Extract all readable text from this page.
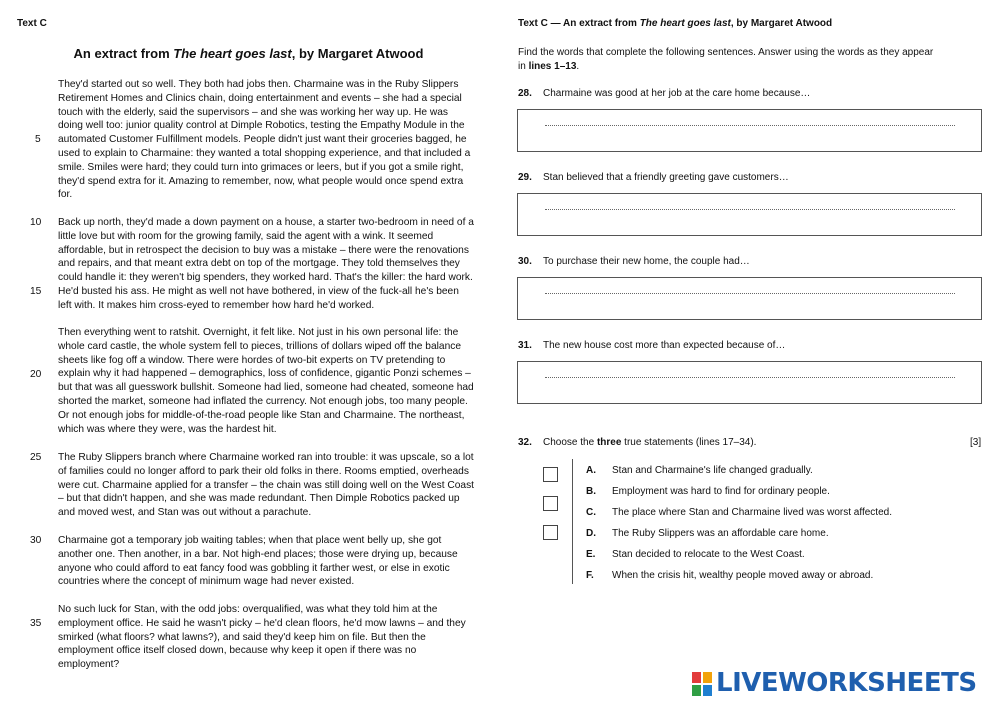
Text C
An extract from The heart goes last, by Margaret Atwood
They'd started out so well. They both had jobs then. Charmaine was in the Ruby Slippers
Retirement Homes and Clinics chain, doing entertainment and events – she had a special
touch with the elderly, said the supervisors – and she was working her way up. He was
doing well too: junior quality control at Dimple Robotics, testing the Empathy Module in the
automated Customer Fulfillment models. People didn't just want their groceries bagged, he
used to explain to Charmaine: they wanted a total shopping experience, and that included a
smile. Smiles were hard; they could turn into grimaces or leers, but if you got a smile right,
they'd spend extra for it. Amazing to remember, now, what people would once spend extra
for.
Back up north, they'd made a down payment on a house, a starter two-bedroom in need of a
little love but with room for the growing family, said the agent with a wink. It seemed
affordable, but in retrospect the decision to buy was a mistake – there were the renovations
and repairs, and that meant extra debt on top of the mortgage. They told themselves they
could handle it: they weren't big spenders, they worked hard. That's the killer: the hard work.
He'd busted his ass. He might as well not have bothered, in view of the fuck-all he's been
left with. It makes him cross-eyed to remember how hard he'd worked.
Then everything went to ratshit. Overnight, it felt like. Not just in his own personal life: the
whole card castle, the whole system fell to pieces, trillions of dollars wiped off the balance
sheets like fog off a window. There were hordes of two-bit experts on TV pretending to
explain why it had happened – demographics, loss of confidence, gigantic Ponzi schemes –
but that was all guesswork bullshit. Someone had lied, someone had cheated, someone had
shorted the market, someone had inflated the currency. Not enough jobs, too many people.
Or not enough jobs for middle-of-the-road people like Stan and Charmaine. The northeast,
which was where they were, was the hardest hit.
The Ruby Slippers branch where Charmaine worked ran into trouble: it was upscale, so a lot
of families could no longer afford to park their old folks in there. Rooms emptied, overheads
were cut. Charmaine applied for a transfer – the chain was still doing well on the West Coast
– but that didn't happen, and she was made redundant. Then Dimple Robotics packed up
and moved west, and Stan was out without a parachute.
Charmaine got a temporary job waiting tables; when that place went belly up, she got
another one. Then another, in a bar. Not high-end places; those were drying up, because
anyone who could afford to eat fancy food was gobbling it farther west, or else in exotic
countries where the concept of minimum wage had never existed.
No such luck for Stan, with the odd jobs: overqualified, was what they told him at the
employment office. He said he wasn't picky – he'd clean floors, he'd mow lawns – and they
smirked (what floors? what lawns?), and said they'd keep him on file. But then the
employment office itself closed down, because why keep it open if there was no
employment?
5
10
15
20
25
30
35
Text C — An extract from The heart goes last, by Margaret Atwood
Find the words that complete the following sentences. Answer using the words as they appear
in lines 1–13.
28. Charmaine was good at her job at the care home because…
29. Stan believed that a friendly greeting gave customers…
30. To purchase their new home, the couple had…
31. The new house cost more than expected because of…
32. Choose the three true statements (lines 17–34).	[3]
A. Stan and Charmaine's life changed gradually.
B. Employment was hard to find for ordinary people.
C. The place where Stan and Charmaine lived was worst affected.
D. The Ruby Slippers was an affordable care home.
E. Stan decided to relocate to the West Coast.
F. When the crisis hit, wealthy people moved away or abroad.
LIVEWORKSHEETS
